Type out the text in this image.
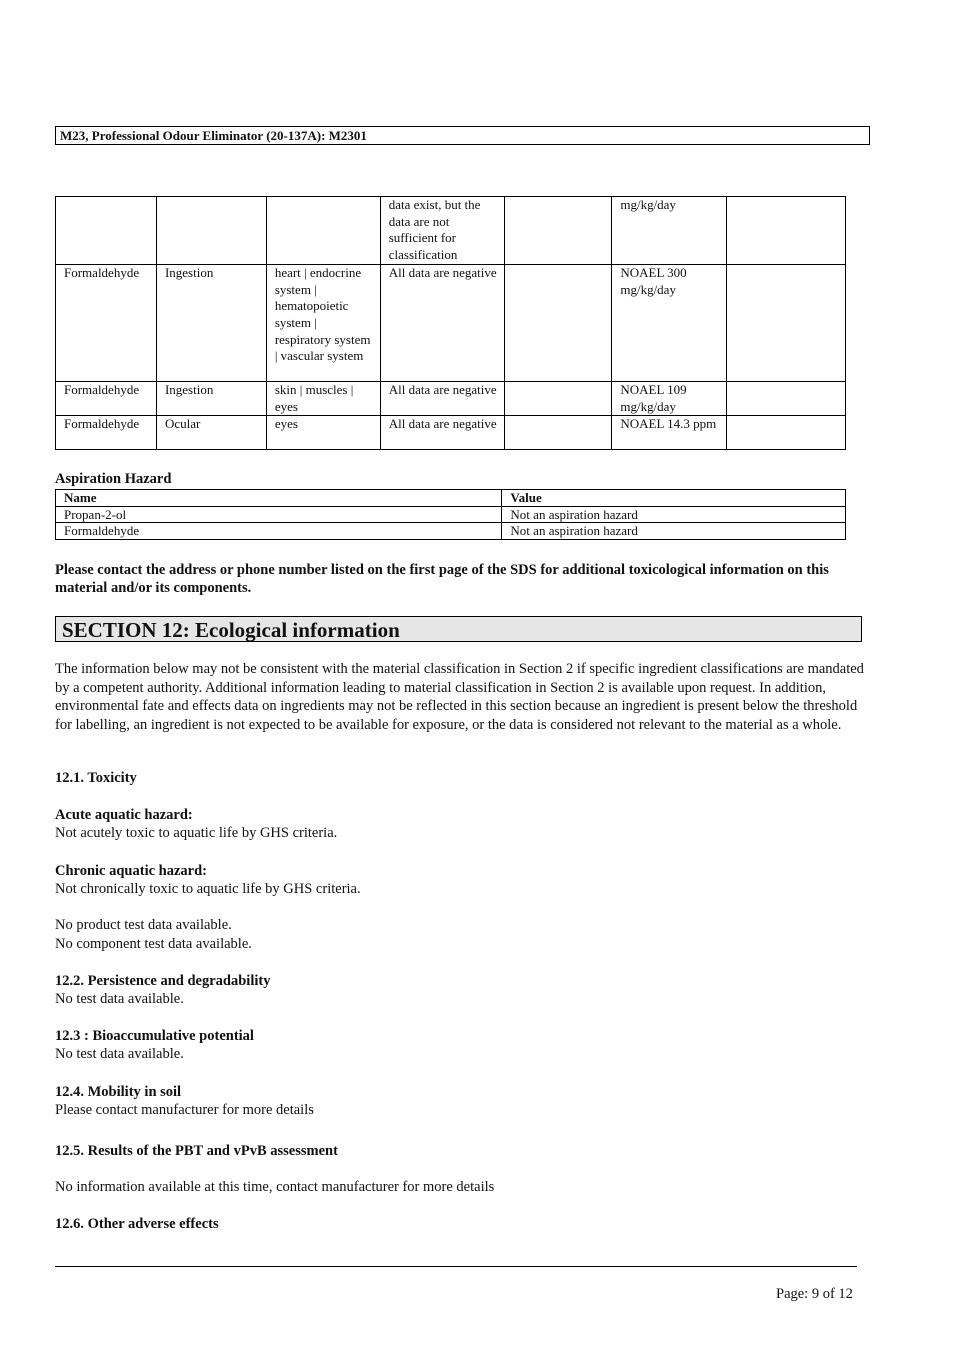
M23, Professional Odour Eliminator (20-137A): M2301
			data exist, but the data are not sufficient for classification		mg/kg/day	
Formaldehyde	Ingestion	heart | endocrine system | hematopoietic system | respiratory system | vascular system	All data are negative		NOAEL 300 mg/kg/day	
Formaldehyde	Ingestion	skin | muscles | eyes	All data are negative		NOAEL 109 mg/kg/day	
Formaldehyde	Ocular	eyes	All data are negative		NOAEL 14.3 ppm	
Aspiration Hazard
Name	Value
Propan-2-ol	Not an aspiration hazard
Formaldehyde	Not an aspiration hazard
Please contact the address or phone number listed on the first page of the SDS for additional toxicological information on this material and/or its components.
SECTION 12: Ecological information
The information below may not be consistent with the material classification in Section 2 if specific ingredient classifications are mandated by a competent authority. Additional information leading to material classification in Section 2 is available upon request. In addition, environmental fate and effects data on ingredients may not be reflected in this section because an ingredient is present below the threshold for labelling, an ingredient is not expected to be available for exposure, or the data is considered not relevant to the material as a whole.
12.1. Toxicity
Acute aquatic hazard:
Not acutely toxic to aquatic life by GHS criteria.
Chronic aquatic hazard:
Not chronically toxic to aquatic life by GHS criteria.
No product test data available.
No component test data available.
12.2. Persistence and degradability
No test data available.
12.3 : Bioaccumulative potential
No test data available.
12.4. Mobility in soil
Please contact manufacturer for more details
12.5. Results of the PBT and vPvB assessment
No information available at this time, contact manufacturer for more details
12.6. Other adverse effects
Page: 9 of 12
